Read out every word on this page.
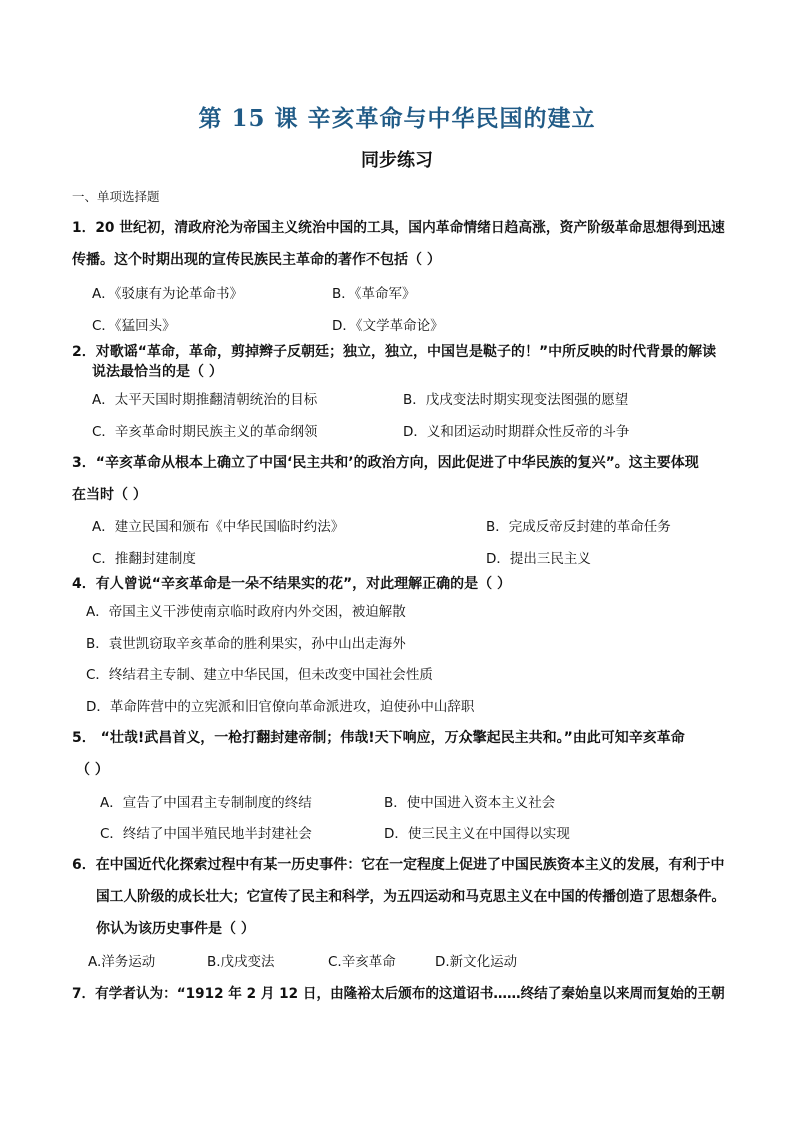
第 15 课 辛亥革命与中华民国的建立
同步练习
一、单项选择题
1．20 世纪初，清政府沦为帝国主义统治中国的工具，国内革命情绪日趋高涨，资产阶级革命思想得到迅速
传播。这个时期出现的宣传民族民主革命的著作不包括（ ）
A．《驳康有为论革命书》	B．《革命军》
C．《猛回头》	D．《文学革命论》
2．对歌谣“革命，革命，剪掉辫子反朝廷；独立，独立，中国岂是鞑子的！”中所反映的时代背景的解读
说法最恰当的是（ ）
A．太平天国时期推翻清朝统治的目标	B．戊戌变法时期实现变法图强的愿望
C．辛亥革命时期民族主义的革命纲领	D．义和团运动时期群众性反帝的斗争
3．“辛亥革命从根本上确立了中国‘民主共和’的政治方向，因此促进了中华民族的复兴”。这主要体现
在当时（ ）
A．建立民国和颁布《中华民国临时约法》	B．完成反帝反封建的革命任务
C．推翻封建制度	D．提出三民主义
4．有人曾说“辛亥革命是一朵不结果实的花”，对此理解正确的是（ ）
A．帝国主义干涉使南京临时政府内外交困，被迫解散
B．袁世凯窃取辛亥革命的胜利果实，孙中山出走海外
C．终结君主专制、建立中华民国，但未改变中国社会性质
D．革命阵营中的立宪派和旧官僚向革命派进攻，迫使孙中山辞职
5． “壮哉!武昌首义，一枪打翻封建帝制；伟哉!天下响应，万众擎起民主共和。”由此可知辛亥革命
（ ）
A．宣告了中国君主专制制度的终结	B．使中国进入资本主义社会
C．终结了中国半殖民地半封建社会	D．使三民主义在中国得以实现
6．在中国近代化探索过程中有某一历史事件：它在一定程度上促进了中国民族资本主义的发展，有利于中
国工人阶级的成长壮大；它宣传了民主和科学，为五四运动和马克思主义在中国的传播创造了思想条件。
你认为该历史事件是（ ）
A.洋务运动	B.戊戌变法	C.辛亥革命	D.新文化运动
7．有学者认为：“1912 年 2 月 12 日，由隆裕太后颁布的这道诏书……终结了秦始皇以来周而复始的王朝
